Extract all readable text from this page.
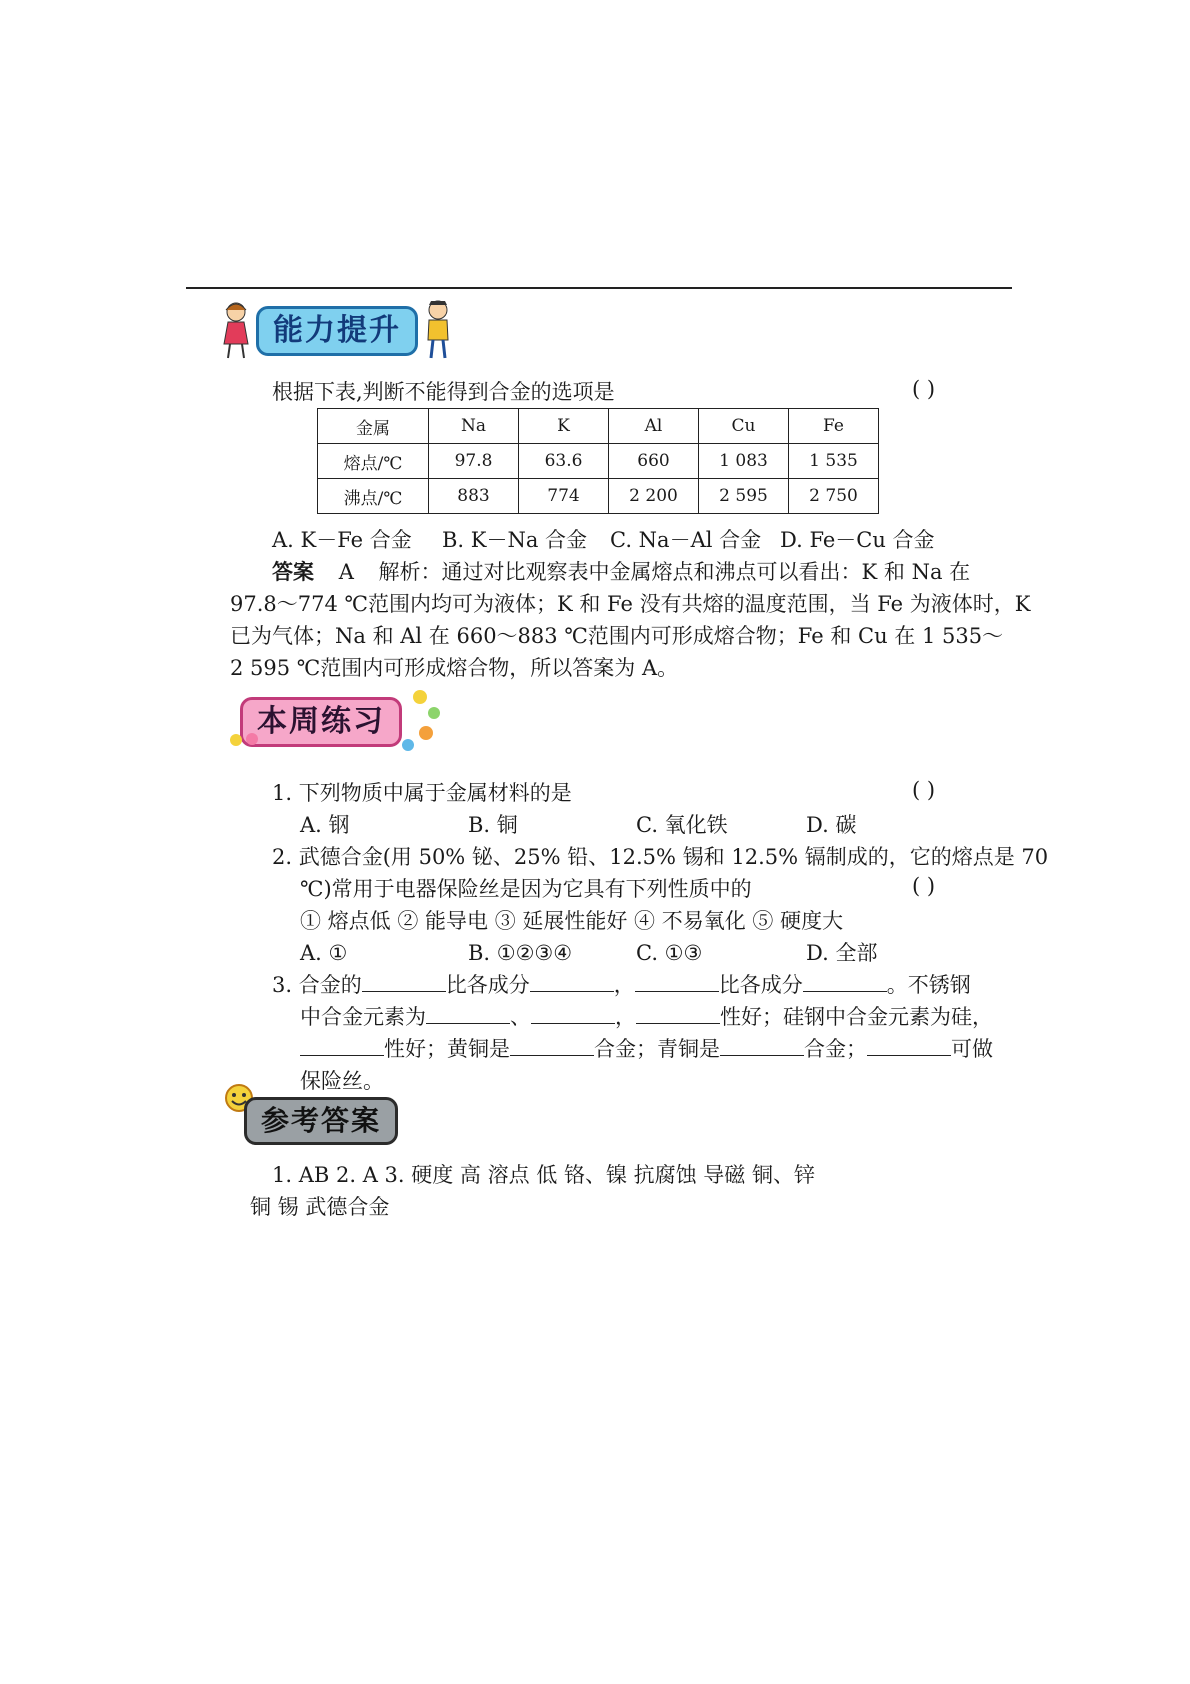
能力提升
根据下表,判断不能得到合金的选项是	( )
金属	Na	K	Al	Cu	Fe
熔点/℃	97.8	63.6	660	1 083	1 535
沸点/℃	883	774	2 200	2 595	2 750
A. K－Fe 合金 B. K－Na 合金 C. Na－Al 合金 D. Fe－Cu 合金
答案 A 解析：通过对比观察表中金属熔点和沸点可以看出：K 和 Na 在
97.8～774 ℃范围内均可为液体；K 和 Fe 没有共熔的温度范围，当 Fe 为液体时，K
已为气体；Na 和 Al 在 660～883 ℃范围内可形成熔合物；Fe 和 Cu 在 1 535～
2 595 ℃范围内可形成熔合物，所以答案为 A。
本周练习
1. 下列物质中属于金属材料的是	( )
A. 钢	B. 铜	C. 氧化铁	D. 碳
2. 武德合金(用 50% 铋、25% 铅、12.5% 锡和 12.5% 镉制成的，它的熔点是 70
℃)常用于电器保险丝是因为它具有下列性质中的	( )
① 熔点低 ② 能导电 ③ 延展性能好 ④ 不易氧化 ⑤ 硬度大
A. ①	B. ①②③④	C. ①③	D. 全部
3. 合金的	比各成分	，	比各成分	。不锈钢
中合金元素为	、	，	性好；硅钢中合金元素为硅，
性好；黄铜是	合金；青铜是	合金；	可做
保险丝。
参考答案
1. AB 2. A 3. 硬度 高 溶点 低 铬、镍 抗腐蚀 导磁 铜、锌
铜 锡 武德合金
